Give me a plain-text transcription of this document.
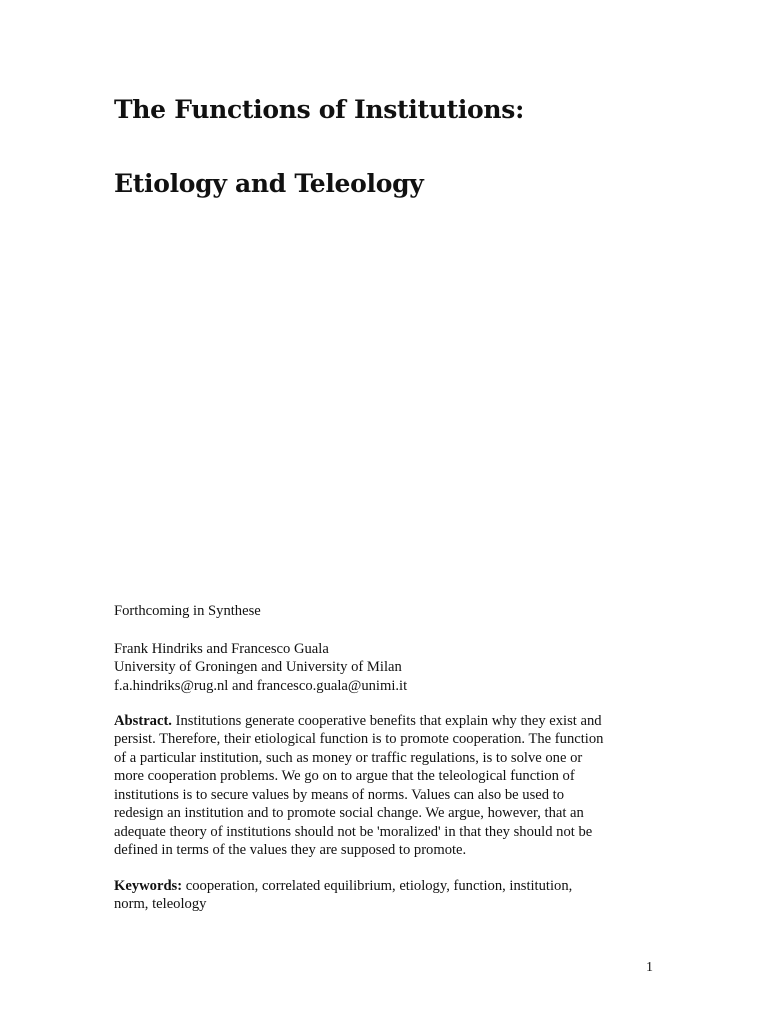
The Functions of Institutions:
Etiology and Teleology
Forthcoming in Synthese
Frank Hindriks and Francesco Guala
University of Groningen and University of Milan
f.a.hindriks@rug.nl and francesco.guala@unimi.it
Abstract. Institutions generate cooperative benefits that explain why they exist and
persist. Therefore, their etiological function is to promote cooperation. The function
of a particular institution, such as money or traffic regulations, is to solve one or
more cooperation problems. We go on to argue that the teleological function of
institutions is to secure values by means of norms. Values can also be used to
redesign an institution and to promote social change. We argue, however, that an
adequate theory of institutions should not be 'moralized' in that they should not be
defined in terms of the values they are supposed to promote.
Keywords: cooperation, correlated equilibrium, etiology, function, institution,
norm, teleology
1
